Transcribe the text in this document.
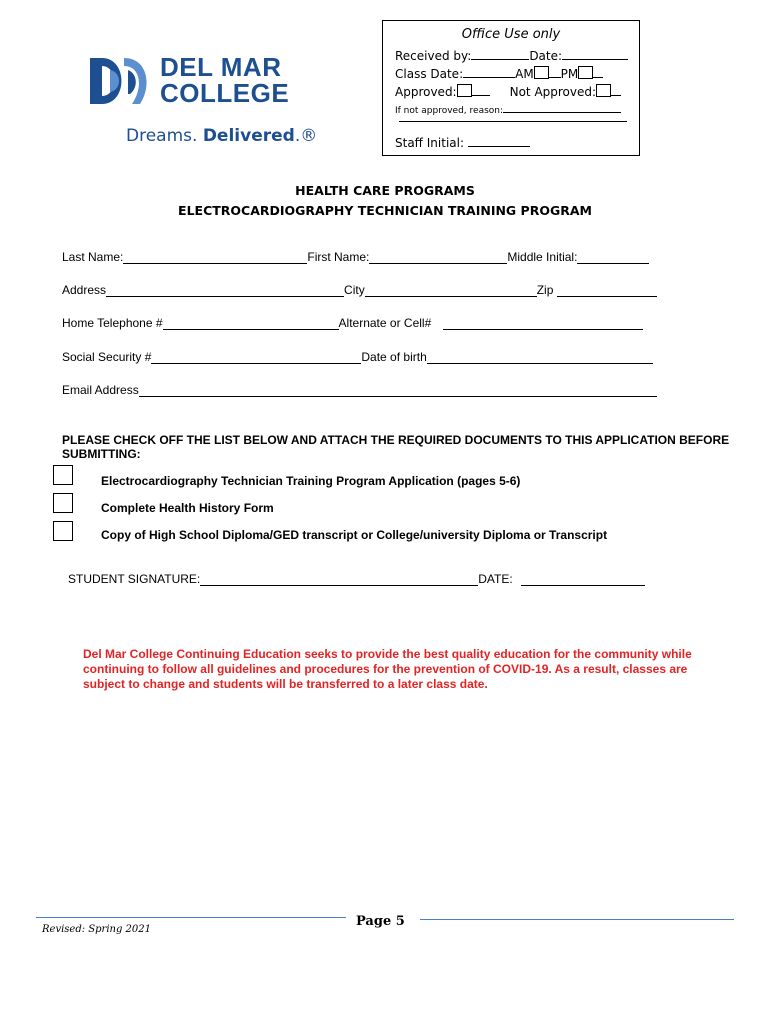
DEL MAR
COLLEGE
Dreams. Delivered.®
Office Use only
Received by:	Date:
Class Date:	AM PM
Approved:	Not Approved:
If not approved, reason:
Staff Initial:
HEALTH CARE PROGRAMS
ELECTROCARDIOGRAPHY TECHNICIAN TRAINING PROGRAM
Last Name:	First Name:	Middle Initial:
Address	City	Zip
Home Telephone #	Alternate or Cell#
Social Security #	Date of birth
Email Address
PLEASE CHECK OFF THE LIST BELOW AND ATTACH THE REQUIRED DOCUMENTS TO THIS APPLICATION BEFORE SUBMITTING:
Electrocardiography Technician Training Program Application (pages 5-6)
Complete Health History Form
Copy of High School Diploma/GED transcript or College/university Diploma or Transcript
STUDENT SIGNATURE:	DATE:
Del Mar College Continuing Education seeks to provide the best quality education for the community while continuing to follow all guidelines and procedures for the prevention of COVID-19. As a result, classes are subject to change and students will be transferred to a later class date.
Revised: Spring 2021
Page 5
